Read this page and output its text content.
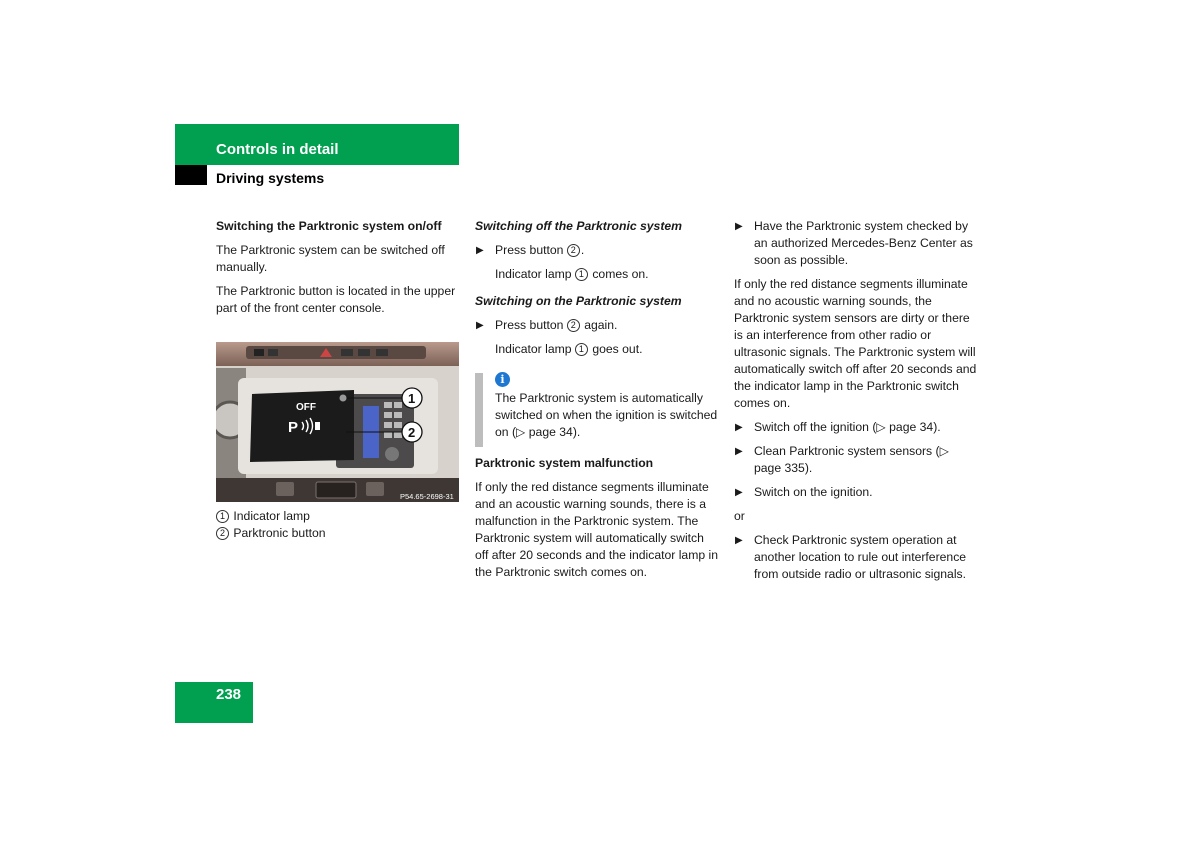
Controls in detail
Driving systems

Switching the Parktronic system on/off

The Parktronic system can be switched off manually.

The Parktronic button is located in the upper part of the front center console.

OFF
P
1
2
P54.65-2698-31

1 Indicator lamp

2 Parktronic button

Switching off the Parktronic system

▶ Press button 2 .

Indicator lamp 1 comes on.

Switching on the Parktronic system

▶ Press button 2 again.

Indicator lamp 1 goes out.

i
The Parktronic system is automatically switched on when the ignition is switched on (▷ page 34).

Parktronic system malfunction

If only the red distance segments illuminate and an acoustic warning sounds, there is a malfunction in the Parktronic system. The Parktronic system will automatically switch off after 20 seconds and the indicator lamp in the Parktronic switch comes on.

▶ Have the Parktronic system checked by an authorized Mercedes-Benz Center as soon as possible.

If only the red distance segments illuminate and no acoustic warning sounds, the Parktronic system sensors are dirty or there is an interference from other radio or ultrasonic signals. The Parktronic system will automatically switch off after 20 seconds and the indicator lamp in the Parktronic switch comes on.

▶ Switch off the ignition (▷ page 34).
▶ Clean Parktronic system sensors (▷ page 335).
▶ Switch on the ignition.

or

▶ Check Parktronic system operation at another location to rule out interference from outside radio or ultrasonic signals.
238
